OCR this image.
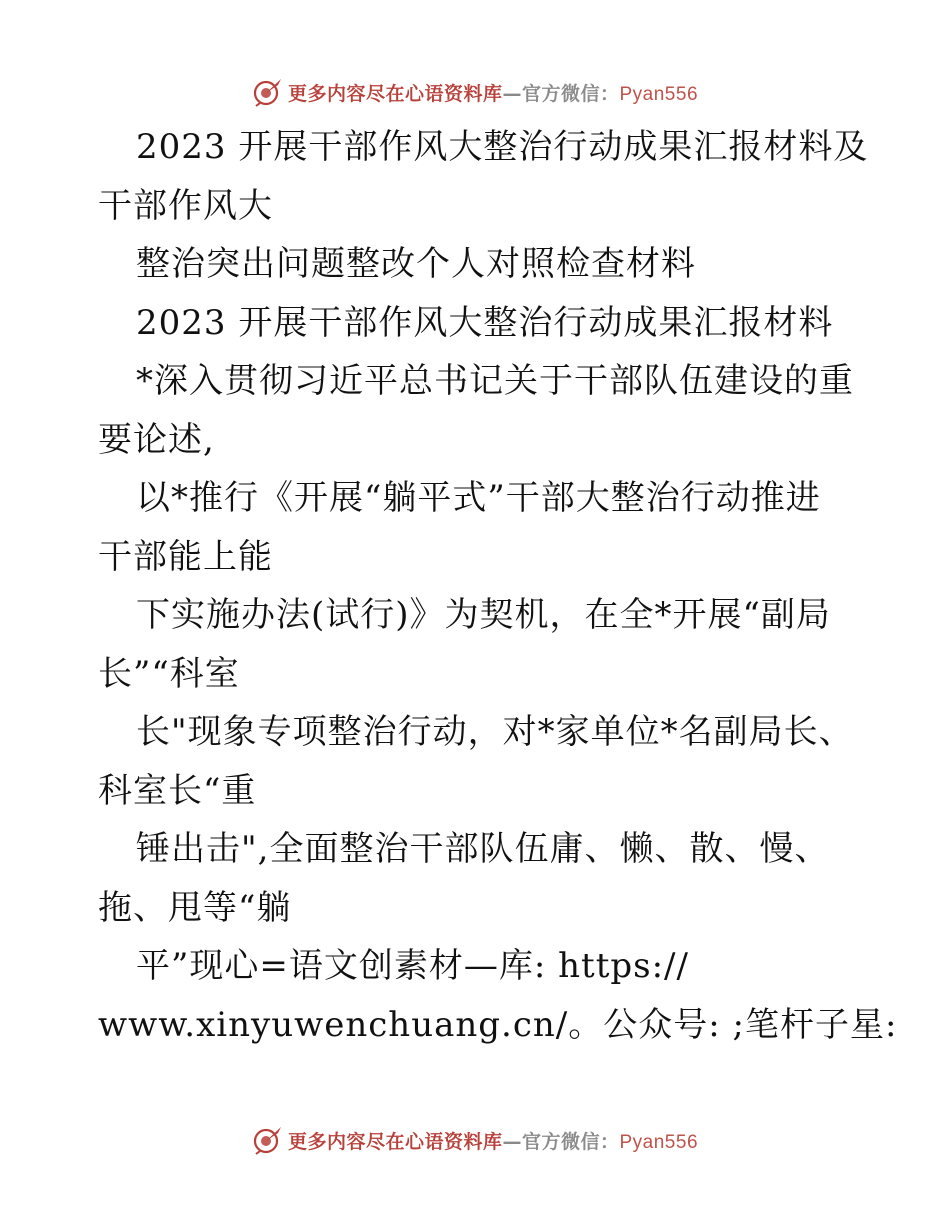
更多内容尽在心语资料库—官方微信：Pyan556
2023 开展干部作风大整治行动成果汇报材料及
干部作风大
整治突出问题整改个人对照检查材料
2023 开展干部作风大整治行动成果汇报材料
*深入贯彻习近平总书记关于干部队伍建设的重
要论述,
以*推行《开展“躺平式”干部大整治行动推进
干部能上能
下实施办法(试行)》为契机，在全*开展“副局
长”“科室
长"现象专项整治行动，对*家单位*名副局长、
科室长“重
锤出击",全面整治干部队伍庸、懒、散、慢、
拖、甩等“躺
平”现心=语文创素材—库: https://
www.xinyuwenchuang.cn/。公众号: ;笔杆子星:
更多内容尽在心语资料库—官方微信：Pyan556
